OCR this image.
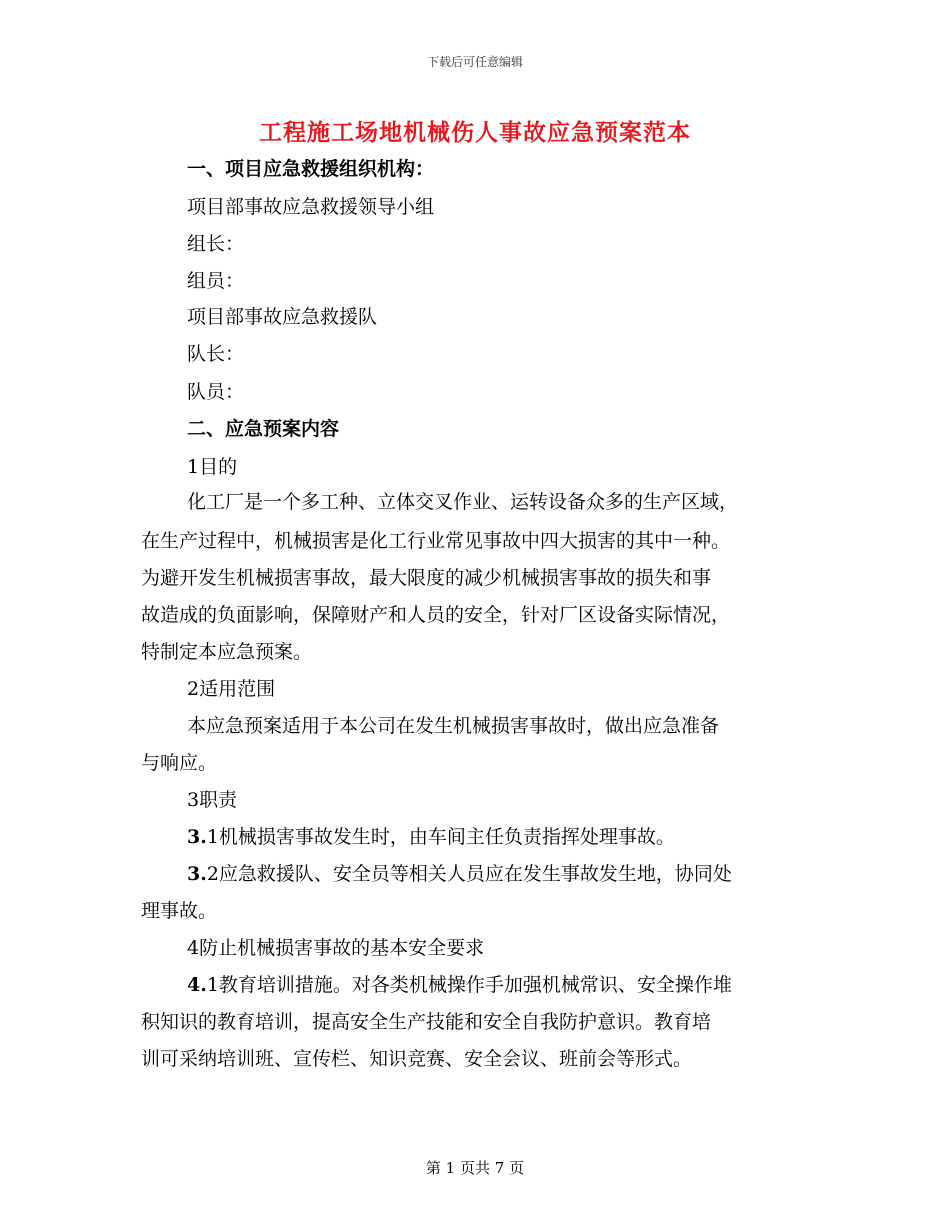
下载后可任意编辑
工程施工场地机械伤人事故应急预案范本
一、项目应急救援组织机构：
项目部事故应急救援领导小组
组长：
组员：
项目部事故应急救援队
队长：
队员：
二、应急预案内容
1目的
化工厂是一个多工种、立体交叉作业、运转设备众多的生产区域，
在生产过程中，机械损害是化工行业常见事故中四大损害的其中一种。
为避开发生机械损害事故，最大限度的减少机械损害事故的损失和事
故造成的负面影响，保障财产和人员的安全，针对厂区设备实际情况，
特制定本应急预案。
2适用范围
本应急预案适用于本公司在发生机械损害事故时，做出应急准备
与响应。
3职责
3.1机械损害事故发生时，由车间主任负责指挥处理事故。
3.2应急救援队、安全员等相关人员应在发生事故发生地，协同处
理事故。
4防止机械损害事故的基本安全要求
4.1教育培训措施。对各类机械操作手加强机械常识、安全操作堆
积知识的教育培训，提高安全生产技能和安全自我防护意识。教育培
训可采纳培训班、宣传栏、知识竞赛、安全会议、班前会等形式。
第 1 页共 7 页
